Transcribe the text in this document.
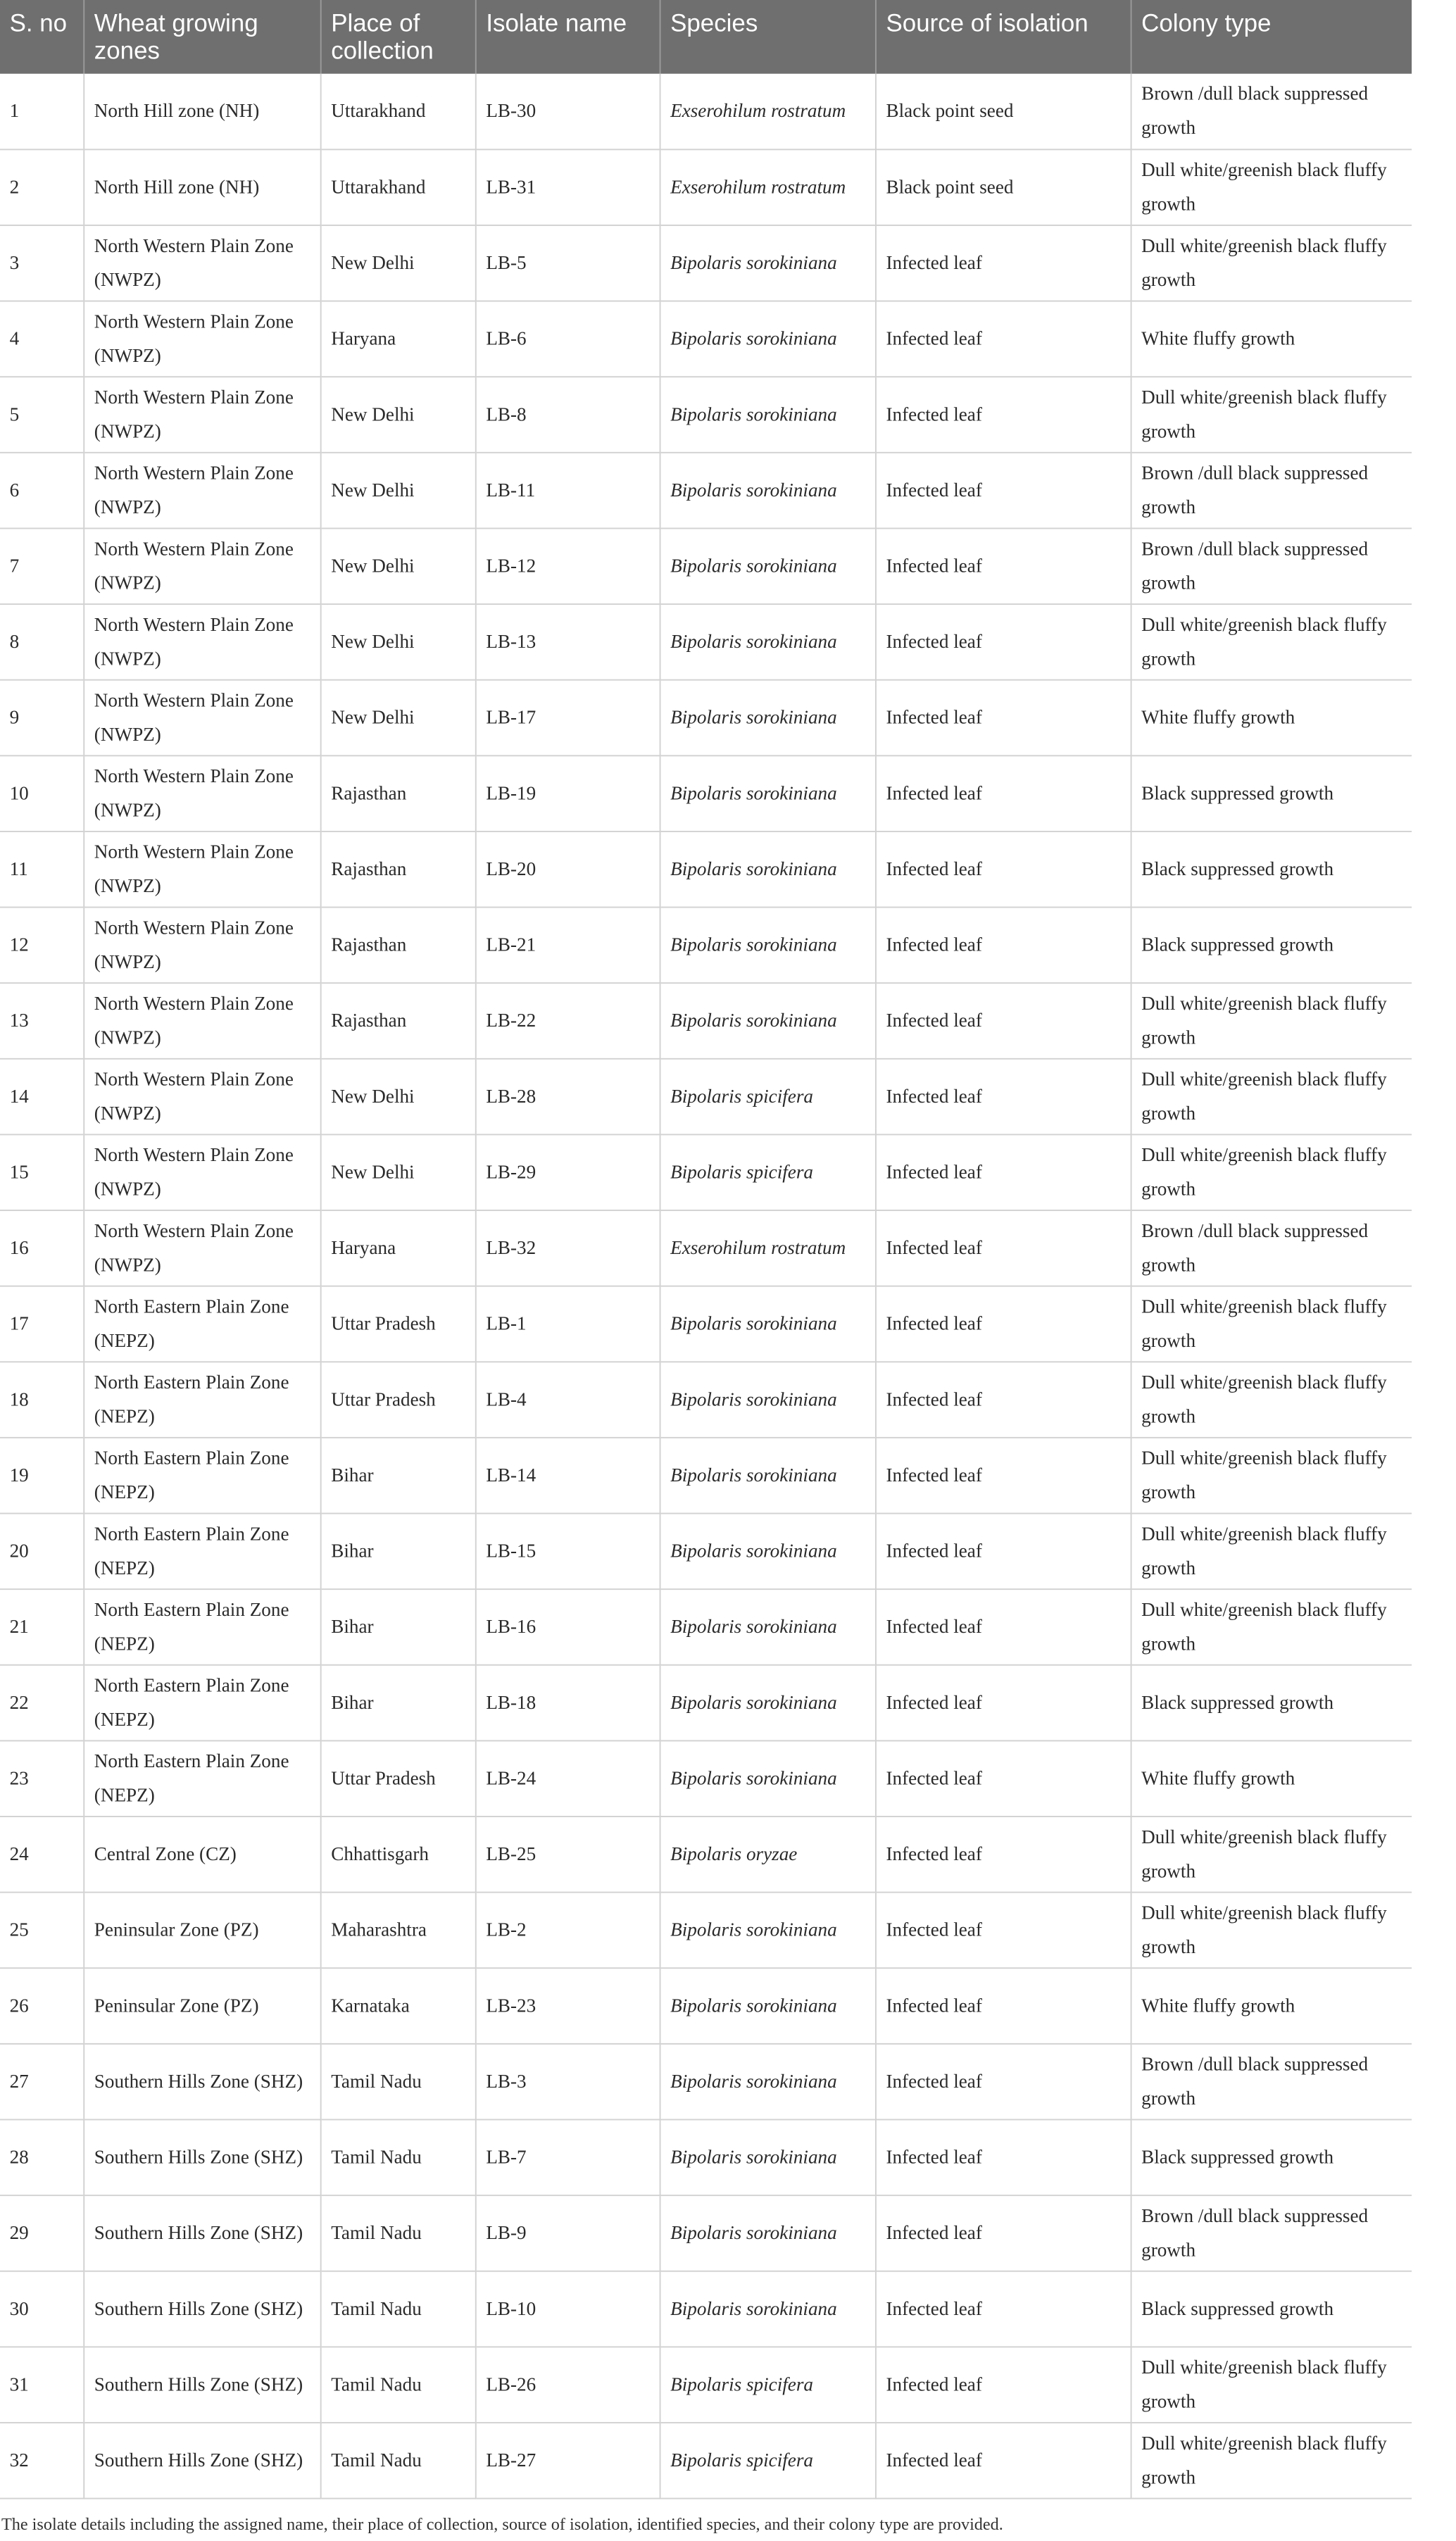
S. no	Wheat growing zones	Place of collection	Isolate name	Species	Source of isolation	Colony type
1	North Hill zone (NH)	Uttarakhand	LB-30	Exserohilum rostratum	Black point seed	Brown /dull black suppressed growth
2	North Hill zone (NH)	Uttarakhand	LB-31	Exserohilum rostratum	Black point seed	Dull white/greenish black fluffy growth
3	North Western Plain Zone (NWPZ)	New Delhi	LB-5	Bipolaris sorokiniana	Infected leaf	Dull white/greenish black fluffy growth
4	North Western Plain Zone (NWPZ)	Haryana	LB-6	Bipolaris sorokiniana	Infected leaf	White fluffy growth
5	North Western Plain Zone (NWPZ)	New Delhi	LB-8	Bipolaris sorokiniana	Infected leaf	Dull white/greenish black fluffy growth
6	North Western Plain Zone (NWPZ)	New Delhi	LB-11	Bipolaris sorokiniana	Infected leaf	Brown /dull black suppressed growth
7	North Western Plain Zone (NWPZ)	New Delhi	LB-12	Bipolaris sorokiniana	Infected leaf	Brown /dull black suppressed growth
8	North Western Plain Zone (NWPZ)	New Delhi	LB-13	Bipolaris sorokiniana	Infected leaf	Dull white/greenish black fluffy growth
9	North Western Plain Zone (NWPZ)	New Delhi	LB-17	Bipolaris sorokiniana	Infected leaf	White fluffy growth
10	North Western Plain Zone (NWPZ)	Rajasthan	LB-19	Bipolaris sorokiniana	Infected leaf	Black suppressed growth
11	North Western Plain Zone (NWPZ)	Rajasthan	LB-20	Bipolaris sorokiniana	Infected leaf	Black suppressed growth
12	North Western Plain Zone (NWPZ)	Rajasthan	LB-21	Bipolaris sorokiniana	Infected leaf	Black suppressed growth
13	North Western Plain Zone (NWPZ)	Rajasthan	LB-22	Bipolaris sorokiniana	Infected leaf	Dull white/greenish black fluffy growth
14	North Western Plain Zone (NWPZ)	New Delhi	LB-28	Bipolaris spicifera	Infected leaf	Dull white/greenish black fluffy growth
15	North Western Plain Zone (NWPZ)	New Delhi	LB-29	Bipolaris spicifera	Infected leaf	Dull white/greenish black fluffy growth
16	North Western Plain Zone (NWPZ)	Haryana	LB-32	Exserohilum rostratum	Infected leaf	Brown /dull black suppressed growth
17	North Eastern Plain Zone (NEPZ)	Uttar Pradesh	LB-1	Bipolaris sorokiniana	Infected leaf	Dull white/greenish black fluffy growth
18	North Eastern Plain Zone (NEPZ)	Uttar Pradesh	LB-4	Bipolaris sorokiniana	Infected leaf	Dull white/greenish black fluffy growth
19	North Eastern Plain Zone (NEPZ)	Bihar	LB-14	Bipolaris sorokiniana	Infected leaf	Dull white/greenish black fluffy growth
20	North Eastern Plain Zone (NEPZ)	Bihar	LB-15	Bipolaris sorokiniana	Infected leaf	Dull white/greenish black fluffy growth
21	North Eastern Plain Zone (NEPZ)	Bihar	LB-16	Bipolaris sorokiniana	Infected leaf	Dull white/greenish black fluffy growth
22	North Eastern Plain Zone (NEPZ)	Bihar	LB-18	Bipolaris sorokiniana	Infected leaf	Black suppressed growth
23	North Eastern Plain Zone (NEPZ)	Uttar Pradesh	LB-24	Bipolaris sorokiniana	Infected leaf	White fluffy growth
24	Central Zone (CZ)	Chhattisgarh	LB-25	Bipolaris oryzae	Infected leaf	Dull white/greenish black fluffy growth
25	Peninsular Zone (PZ)	Maharashtra	LB-2	Bipolaris sorokiniana	Infected leaf	Dull white/greenish black fluffy growth
26	Peninsular Zone (PZ)	Karnataka	LB-23	Bipolaris sorokiniana	Infected leaf	White fluffy growth
27	Southern Hills Zone (SHZ)	Tamil Nadu	LB-3	Bipolaris sorokiniana	Infected leaf	Brown /dull black suppressed growth
28	Southern Hills Zone (SHZ)	Tamil Nadu	LB-7	Bipolaris sorokiniana	Infected leaf	Black suppressed growth
29	Southern Hills Zone (SHZ)	Tamil Nadu	LB-9	Bipolaris sorokiniana	Infected leaf	Brown /dull black suppressed growth
30	Southern Hills Zone (SHZ)	Tamil Nadu	LB-10	Bipolaris sorokiniana	Infected leaf	Black suppressed growth
31	Southern Hills Zone (SHZ)	Tamil Nadu	LB-26	Bipolaris spicifera	Infected leaf	Dull white/greenish black fluffy growth
32	Southern Hills Zone (SHZ)	Tamil Nadu	LB-27	Bipolaris spicifera	Infected leaf	Dull white/greenish black fluffy growth
The isolate details including the assigned name, their place of collection, source of isolation, identified species, and their colony type are provided.
